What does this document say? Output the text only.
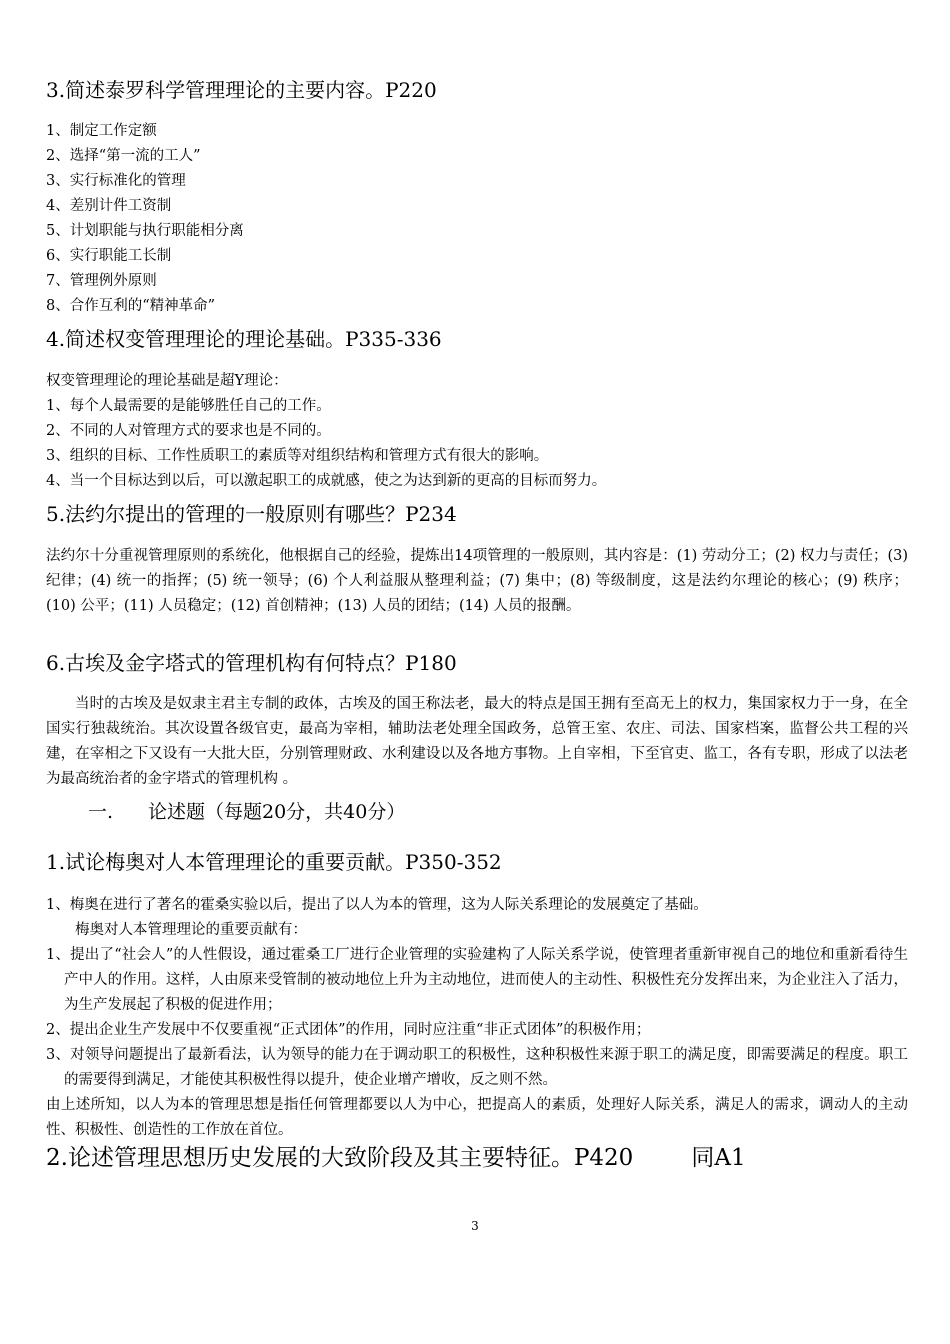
3.简述泰罗科学管理理论的主要内容。P220
1、制定工作定额
2、选择“第一流的工人”
3、实行标准化的管理
4、差别计件工资制
5、计划职能与执行职能相分离
6、实行职能工长制
7、管理例外原则
8、合作互利的“精神革命”
4.简述权变管理理论的理论基础。P335-336
权变管理理论的理论基础是超Y理论：
1、每个人最需要的是能够胜任自己的工作。
2、不同的人对管理方式的要求也是不同的。
3、组织的目标、工作性质职工的素质等对组织结构和管理方式有很大的影响。
4、当一个目标达到以后，可以激起职工的成就感，使之为达到新的更高的目标而努力。
5.法约尔提出的管理的一般原则有哪些？P234
法约尔十分重视管理原则的系统化，他根据自己的经验，提炼出14项管理的一般原则，其内容是：(1) 劳动分工；(2) 权力与责任；(3) 纪律；(4) 统一的指挥；(5) 统一领导；(6) 个人利益服从整理利益；(7) 集中；(8) 等级制度，这是法约尔理论的核心；(9) 秩序；(10) 公平；(11) 人员稳定；(12) 首创精神；(13) 人员的团结；(14) 人员的报酬。
6.古埃及金字塔式的管理机构有何特点？P180
当时的古埃及是奴隶主君主专制的政体，古埃及的国王称法老，最大的特点是国王拥有至高无上的权力，集国家权力于一身，在全国实行独裁统治。其次设置各级官吏，最高为宰相，辅助法老处理全国政务，总管王室、农庄、司法、国家档案，监督公共工程的兴建，在宰相之下又设有一大批大臣，分别管理财政、水利建设以及各地方事物。上自宰相，下至官吏、监工，各有专职，形成了以法老为最高统治者的金字塔式的管理机构 。
一. 论述题（每题20分，共40分）
1.试论梅奥对人本管理理论的重要贡献。P350-352
1、梅奥在进行了著名的霍桑实验以后，提出了以人为本的管理，这为人际关系理论的发展奠定了基础。
梅奥对人本管理理论的重要贡献有：
1、提出了“社会人”的人性假设，通过霍桑工厂进行企业管理的实验建构了人际关系学说，使管理者重新审视自己的地位和重新看待生产中人的作用。这样，人由原来受管制的被动地位上升为主动地位，进而使人的主动性、积极性充分发挥出来，为企业注入了活力，为生产发展起了积极的促进作用；
2、提出企业生产发展中不仅要重视“正式团体”的作用，同时应注重“非正式团体”的积极作用；
3、对领导问题提出了最新看法，认为领导的能力在于调动职工的积极性，这种积极性来源于职工的满足度，即需要满足的程度。职工的需要得到满足，才能使其积极性得以提升，使企业增产增收，反之则不然。
由上述所知，以人为本的管理思想是指任何管理都要以人为中心，把提高人的素质，处理好人际关系，满足人的需求，调动人的主动性、积极性、创造性的工作放在首位。
2.论述管理思想历史发展的大致阶段及其主要特征。P420	同A1
3
